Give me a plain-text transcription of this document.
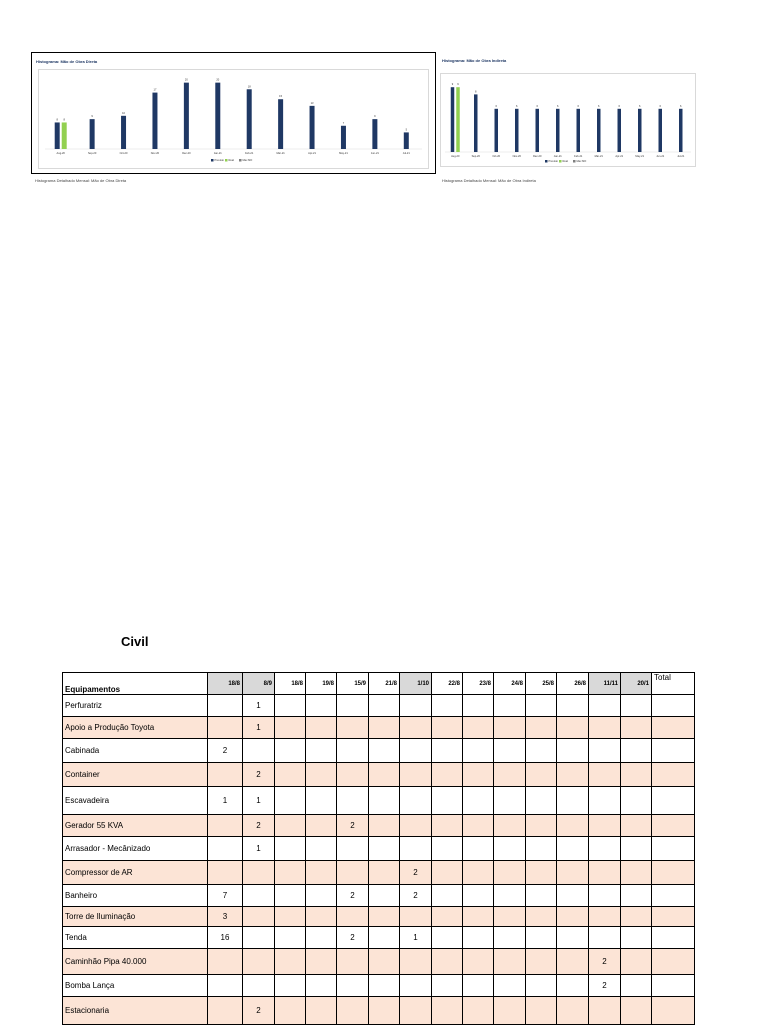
Histograma: Mão de Obra Direta
8 8
Aug-20
9
Sep-20
10
Oct-20
17
Nov-20
20
Dec-20
20
Jan-21
18
Feb-21
15
Mar-21
13
Apr-21
7
May-21
9
Jun-21
5
Jul-21
Previsto Real	Max MO
Histograma: Mão de Obra Indireta
9 9
Aug-20
8
Sep-20
6
Oct-20
6
Nov-20
6
Dec-20
6
Jan-21
6
Feb-21
6
Mar-21
6
Apr-21
6
May-21
6
Jun-21
6
Jul-21
Previsto Real	Max MO
Histograma Detalhado Mensal: Mão de Obra Direta	Histograma Detalhado Mensal: Mão de Obra Indireta
Civil
Equipamentos	18/8	8/9	18/8	19/8	15/9	21/8	1/10	22/8	23/8	24/8	25/8	26/8	11/11	20/1	Total
Perfuratriz		1													
Apoio a Produção Toyota		1													
Cabinada	2														
Container		2													
Escavadeira	1	1													
Gerador 55 KVA		2			2										
Arrasador - Mecânizado		1													
Compressor de AR							2								
Banheiro	7				2		2								
Torre de Iluminação	3														
Tenda	16				2		1								
Caminhão Pipa 40.000													2		
Bomba Lança													2		
Estacionaria		2													
